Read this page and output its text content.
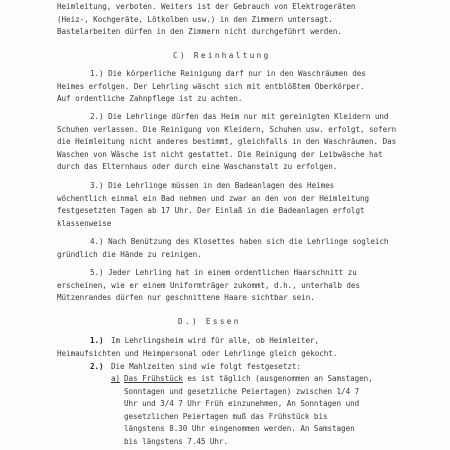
Heimleitung, verboten. Weiters ist der Gebrauch von Elektrogeräten
(Heiz-, Kochgeräte, Lötkolben usw.) in den Zimmern untersagt.
Bastelarbeiten dürfen in den Zimmern nicht durchgeführt werden.
C) Reinhaltung
1.) Die körperliche Reinigung darf nur in den Waschräumen des
Heimes erfolgen. Der Lehrling wäscht sich mit entblößtem Oberkörper.
Auf ordentliche Zahnpflege ist zu achten.
2.) Die Lehrlinge dürfen das Heim nur mit gereinigten Kleidern und
Schuhen verlassen. Die Reinigung von Kleidern, Schuhen usw. erfolgt, sofern
die Heimleitung nicht anderes bestimmt, gleichfalls in den Waschräumen. Das
Waschen von Wäsche ist nicht gestattet. Die Reinigung der Leibwäsche hat
durch das Elternhaus oder durch eine Waschanstalt zu erfolgen.
3.) Die Lehrlinge müssen in den Badeanlagen des Heimes
wöchentlich einmal ein Bad nehmen und zwar an den von der Heimleitung
festgesetzten Tagen ab 17 Uhr. Der Einlaß in die Badeanlagen erfolgt
klassenweise
4.) Nach Benützung des Klosettes haben sich die Lehrlinge sogleich
gründlich die Hände zu reinigen.
5.) Jeder Lehrling hat in einem ordentlichen Haarschnitt zu
erscheinen, wie er einem Uniformträger zukommt, d.h., unterhalb des
Mützenrandes dürfen nur geschnittene Haare sichtbar sein.
D.) Essen
1.) Im Lehrlingsheim wird für alle, ob Heimleiter,
Heimaufsichten und Heimpersonal oder Lehrlinge gleich gekocht.
2.) Die Mahlzeiten sind wie folgt festgesetzt:
a) Das Frühstück es ist täglich (ausgenommen an Samstagen,
Sonntagen und gesetzliche Peiertagen) zwischen 1/4 7
Uhr und 3/4 7 Uhr Früh einzunehmen, An Sonntagen und
gesetzlichen Peiertagen muß das Frühstück bis
längstens 8.30 Uhr eingenommen werden. An Samstagen
bis längstens 7.45 Uhr.
